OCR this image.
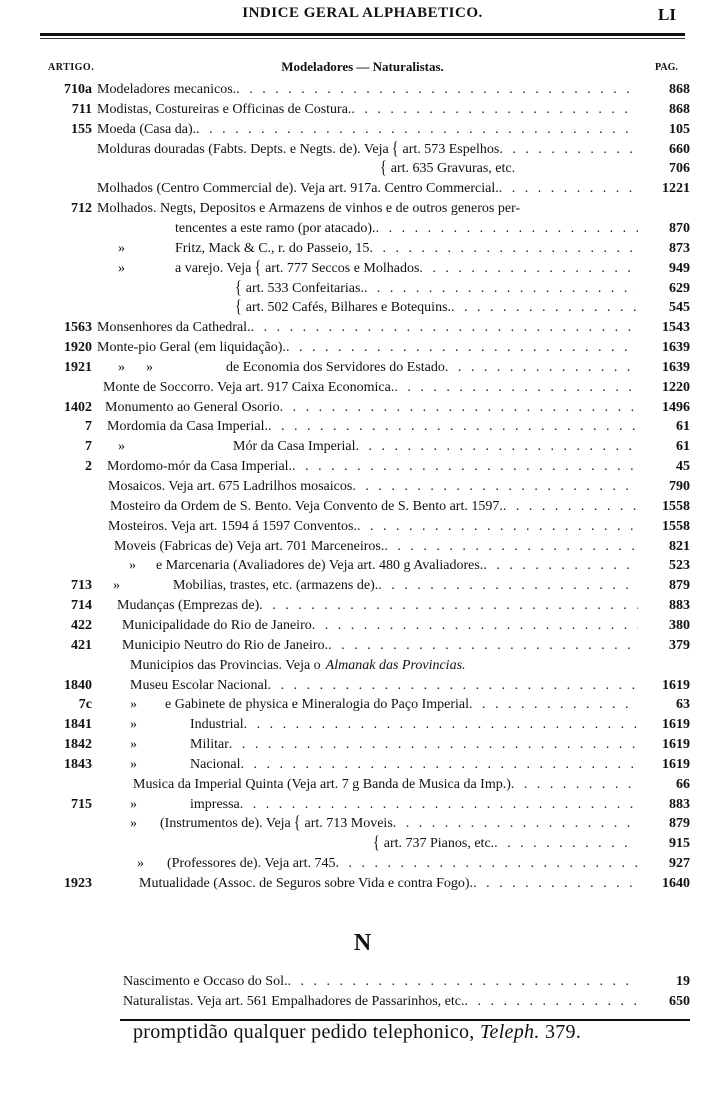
INDICE GERAL ALPHABETICO.	LI
ARTIGO.	Modeladores — Naturalistas.	PAG.
710a Modeladores mecanicos. . . .	868
711 Modistas, Costureiras e Officinas de Costura. . . .	868
155 Moeda (Casa da). . . .	105
Molduras douradas (Fabts. Depts. e Negts. de). Veja { art. 573 Espelhos . . .	660
{ art. 635 Gravuras, etc.	706
Molhados (Centro Commercial de). Veja art. 917a. Centro Commercial. . . .	1221
712 Molhados. Negts, Depositos e Armazens de vinhos e de outros generos per-
tencentes a este ramo (por atacado). . . .	870
»	Fritz, Mack & C., r. do Passeio, 15 . . .	873
»	a varejo. Veja { art. 777 Seccos e Molhados . . .	949
{ art. 533 Confeitarias. . . .	629
{ art. 502 Cafés, Bilhares e Botequins. . . .	545
1563 Monsenhores da Cathedral. . . .	1543
1920 Monte-pio Geral (em liquidação). . . .	1639
1921 »      »	de Economia dos Servidores do Estado . . .	1639
Monte de Soccorro. Veja art. 917 Caixa Economica. . . .	1220
1402 Monumento ao General Osorio . . .	1496
7 Mordomia da Casa Imperial. . . .	61
7 »	Mór da Casa Imperial . . .	61
2 Mordomo-mór da Casa Imperial. . . .	45
Mosaicos. Veja art. 675 Ladrilhos mosaicos . . .	790
Mosteiro da Ordem de S. Bento. Veja Convento de S. Bento art. 1597. . . .	1558
Mosteiros. Veja art. 1594 á 1597 Conventos. . . .	1558
Moveis (Fabricas de) Veja art. 701 Marceneiros. . . .	821
»	e Marcenaria (Avaliadores de) Veja art. 480 g Avaliadores. . . .	523
713 »	Mobilias, trastes, etc. (armazens de). . . .	879
714 Mudanças (Emprezas de) . . .	883
422 Municipalidade do Rio de Janeiro . . .	380
421 Municipio Neutro do Rio de Janeiro. . . .	379
Municipios das Provincias. Veja o Almanak das Provincias.
1840	Museu Escolar Nacional . . .	1619
7c	»	e Gabinete de physica e Mineralogia do Paço Imperial . . .	63
1841	»	Industrial . . .	1619
1842	»	Militar . . .	1619
1843	»	Nacional . . .	1619
Musica da Imperial Quinta (Veja art. 7 g Banda de Musica da Imp.) . . .	66
715	»	impressa . . .	883
»	(Instrumentos de). Veja { art. 713 Moveis . . .	879
{ art. 737 Pianos, etc. . . .	915
»	(Professores de). Veja art. 745 . . .	927
1923	Mutualidade (Assoc. de Seguros sobre Vida e contra Fogo). . . .	1640
N
Nascimento e Occaso do Sol. . . .	19
Naturalistas. Veja art. 561 Empalhadores de Passarinhos, etc. . . .	650
promptidão qualquer pedido telephonico, Teleph. 379.
